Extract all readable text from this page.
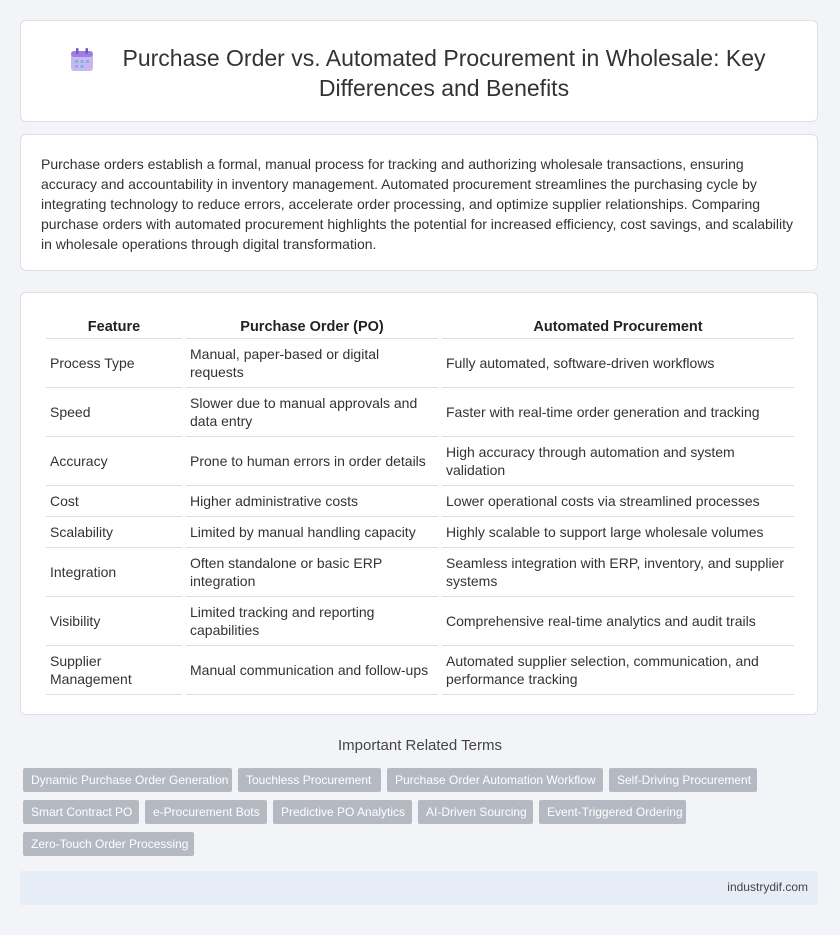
Purchase Order vs. Automated Procurement in Wholesale: Key Differences and Benefits

Purchase orders establish a formal, manual process for tracking and authorizing wholesale transactions, ensuring accuracy and accountability in inventory management. Automated procurement streamlines the purchasing cycle by integrating technology to reduce errors, accelerate order processing, and optimize supplier relationships. Comparing purchase orders with automated procurement highlights the potential for increased efficiency, cost savings, and scalability in wholesale operations through digital transformation.

Feature	Purchase Order (PO)	Automated Procurement
Process Type	Manual, paper-based or digital requests	Fully automated, software-driven workflows
Speed	Slower due to manual approvals and data entry	Faster with real-time order generation and tracking
Accuracy	Prone to human errors in order details	High accuracy through automation and system validation
Cost	Higher administrative costs	Lower operational costs via streamlined processes
Scalability	Limited by manual handling capacity	Highly scalable to support large wholesale volumes
Integration	Often standalone or basic ERP integration	Seamless integration with ERP, inventory, and supplier systems
Visibility	Limited tracking and reporting capabilities	Comprehensive real-time analytics and audit trails
Supplier Management	Manual communication and follow-ups	Automated supplier selection, communication, and performance tracking
Important Related Terms
Dynamic Purchase Order Generation	Touchless Procurement	Purchase Order Automation Workflow	Self-Driving Procurement
Smart Contract PO	e-Procurement Bots	Predictive PO Analytics	AI-Driven Sourcing	Event-Triggered Ordering
Zero-Touch Order Processing
industrydif.com
